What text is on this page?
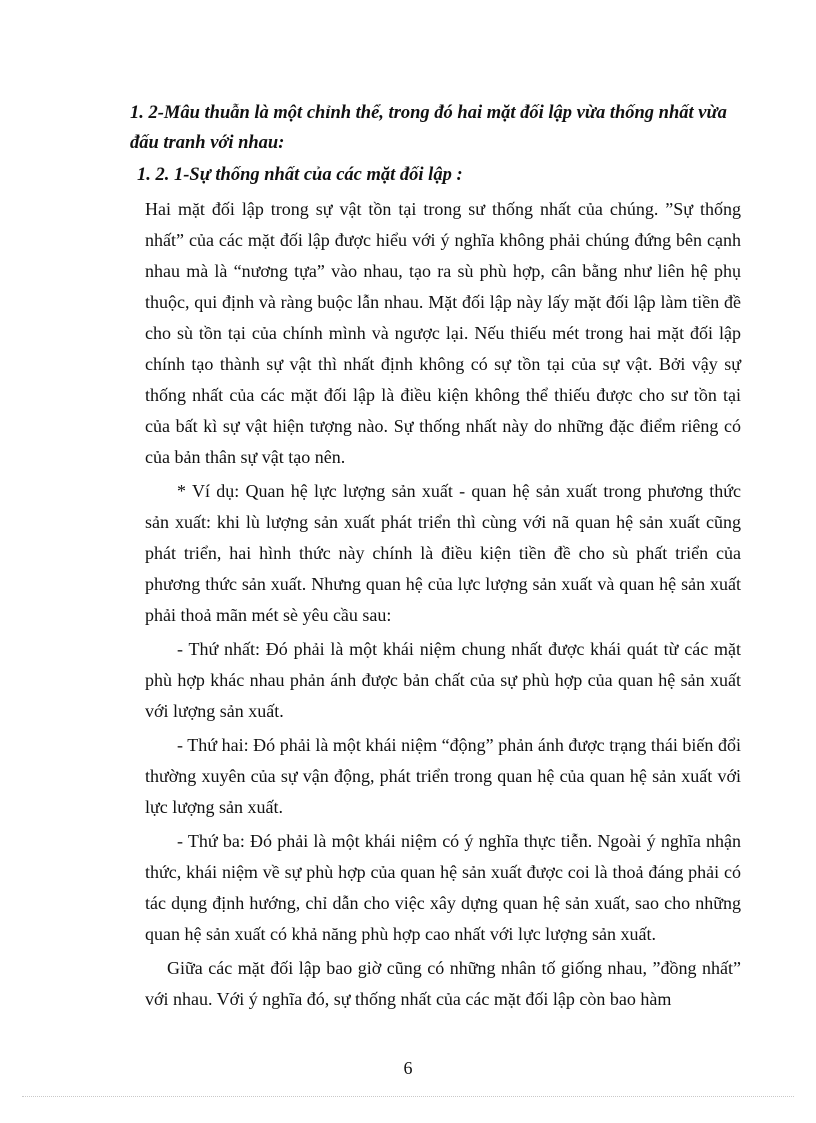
1. 2-Mâu thuẫn là một chỉnh thể, trong đó hai mặt đối lập vừa thống nhất vừa đấu tranh với nhau:
1. 2. 1-Sự thống nhất của các mặt đối lập :

Hai mặt đối lập trong sự vật tồn tại trong sư thống nhất của chúng. ”Sự thống nhất” của các mặt đối lập được hiểu với ý nghĩa không phải chúng đứng bên cạnh nhau mà là “nương tựa” vào nhau, tạo ra sù phù hợp, cân bằng như liên hệ phụ thuộc, qui định và ràng buộc lẫn nhau. Mặt đối lập này lấy mặt đối lập làm tiền đề cho sù tồn tại của chính mình và ngược lại. Nếu thiếu mét trong hai mặt đối lập chính tạo thành sự vật thì nhất định không có sự tồn tại của sự vật. Bởi vậy sự thống nhất của các mặt đối lập là điều kiện không thể thiếu được cho sư tồn tại của bất kì sự vật hiện tượng nào. Sự thống nhất này do những đặc điểm riêng có của bản thân sự vật tạo nên.

* Ví dụ: Quan hệ lực lượng sản xuất - quan hệ sản xuất trong phương thức sản xuất: khi lù lượng sản xuất phát triển thì cùng với nã quan hệ sản xuất cũng phát triển, hai hình thức này chính là điều kiện tiền đề cho sù phất triển của phương thức sản xuất. Nhưng quan hệ của lực lượng sản xuất và quan hệ sản xuất phải thoả mãn mét sè yêu cầu sau:

- Thứ nhất: Đó phải là một khái niệm chung nhất được khái quát từ các mặt phù hợp khác nhau phản ánh được bản chất của sự phù hợp của quan hệ sản xuất với lượng sản xuất.

- Thứ hai: Đó phải là một khái niệm “động” phản ánh được trạng thái biến đổi thường xuyên của sự vận động, phát triển trong quan hệ của quan hệ sản xuất với lực lượng sản xuất.

- Thứ ba: Đó phải là một khái niệm có ý nghĩa thực tiễn. Ngoài ý nghĩa nhận thức, khái niệm về sự phù hợp của quan hệ sản xuất được coi là thoả đáng phải có tác dụng định hướng, chỉ dẫn cho việc xây dựng quan hệ sản xuất, sao cho những quan hệ sản xuất có khả năng phù hợp cao nhất với lực lượng sản xuất.

Giữa các mặt đối lập bao giờ cũng có những nhân tố giống nhau, ”đồng nhất” với nhau. Với ý nghĩa đó, sự thống nhất của các mặt đối lập còn bao hàm

6
